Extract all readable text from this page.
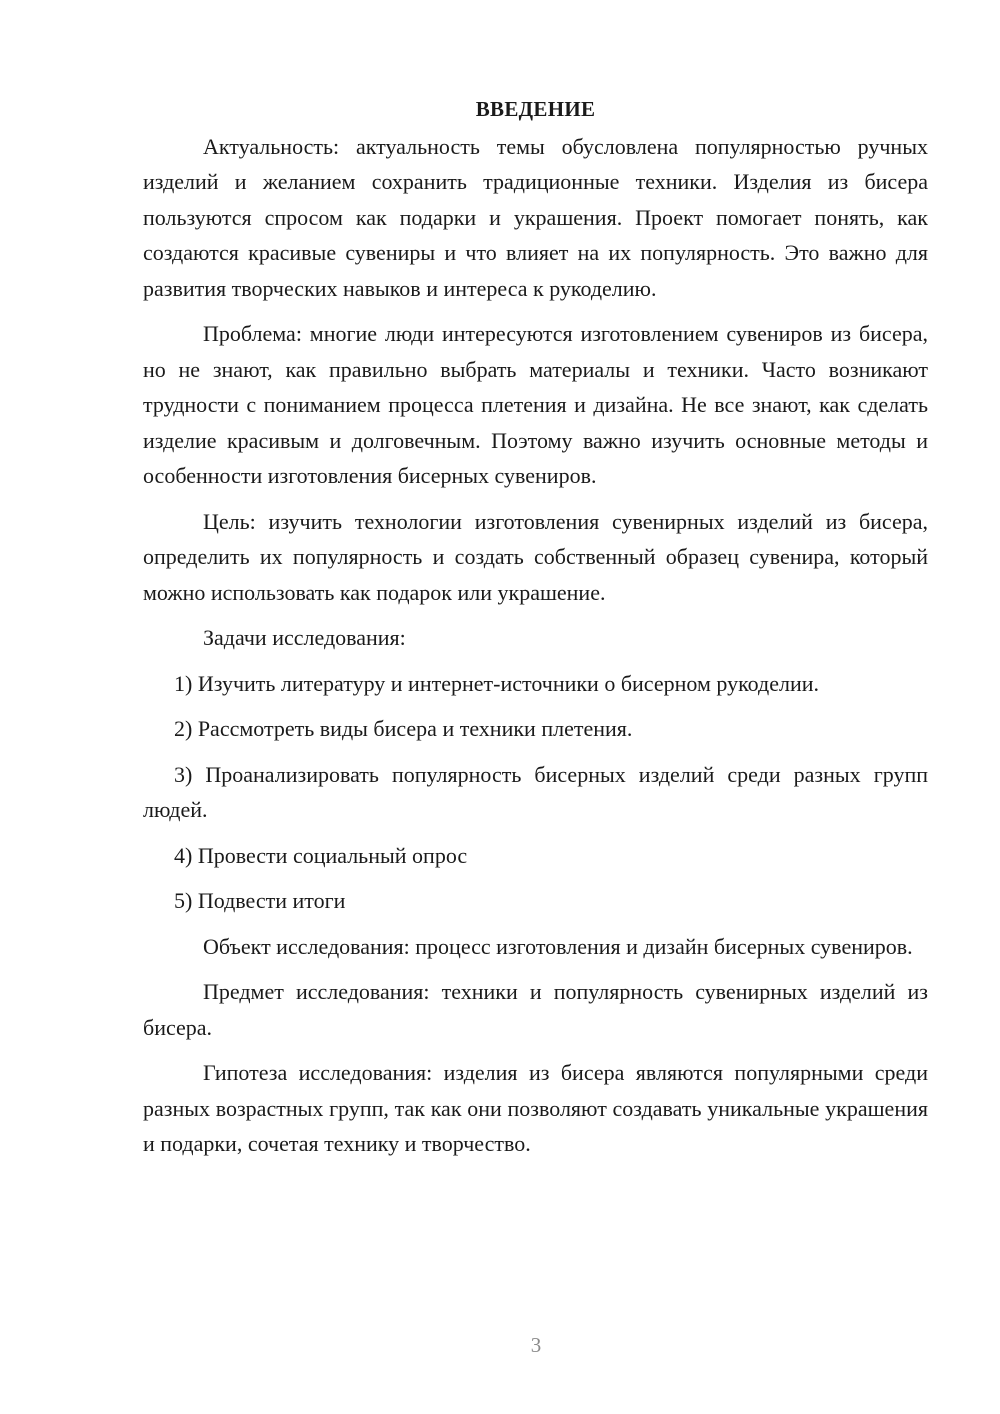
ВВЕДЕНИЕ

Актуальность: актуальность темы обусловлена популярностью ручных изделий и желанием сохранить традиционные техники. Изделия из бисера пользуются спросом как подарки и украшения. Проект помогает понять, как создаются красивые сувениры и что влияет на их популярность. Это важно для развития творческих навыков и интереса к рукоделию.

Проблема: многие люди интересуются изготовлением сувениров из бисера, но не знают, как правильно выбрать материалы и техники. Часто возникают трудности с пониманием процесса плетения и дизайна. Не все знают, как сделать изделие красивым и долговечным. Поэтому важно изучить основные методы и особенности изготовления бисерных сувениров.

Цель: изучить технологии изготовления сувенирных изделий из бисера, определить их популярность и создать собственный образец сувенира, который можно использовать как подарок или украшение.

Задачи исследования:

1) Изучить литературу и интернет-источники о бисерном рукоделии.

2) Рассмотреть виды бисера и техники плетения.

3) Проанализировать популярность бисерных изделий среди разных групп людей.

4) Провести социальный опрос

5) Подвести итоги

Объект исследования: процесс изготовления и дизайн бисерных сувениров.

Предмет исследования: техники и популярность сувенирных изделий из бисера.

Гипотеза исследования: изделия из бисера являются популярными среди разных возрастных групп, так как они позволяют создавать уникальные украшения и подарки, сочетая технику и творчество.

3
